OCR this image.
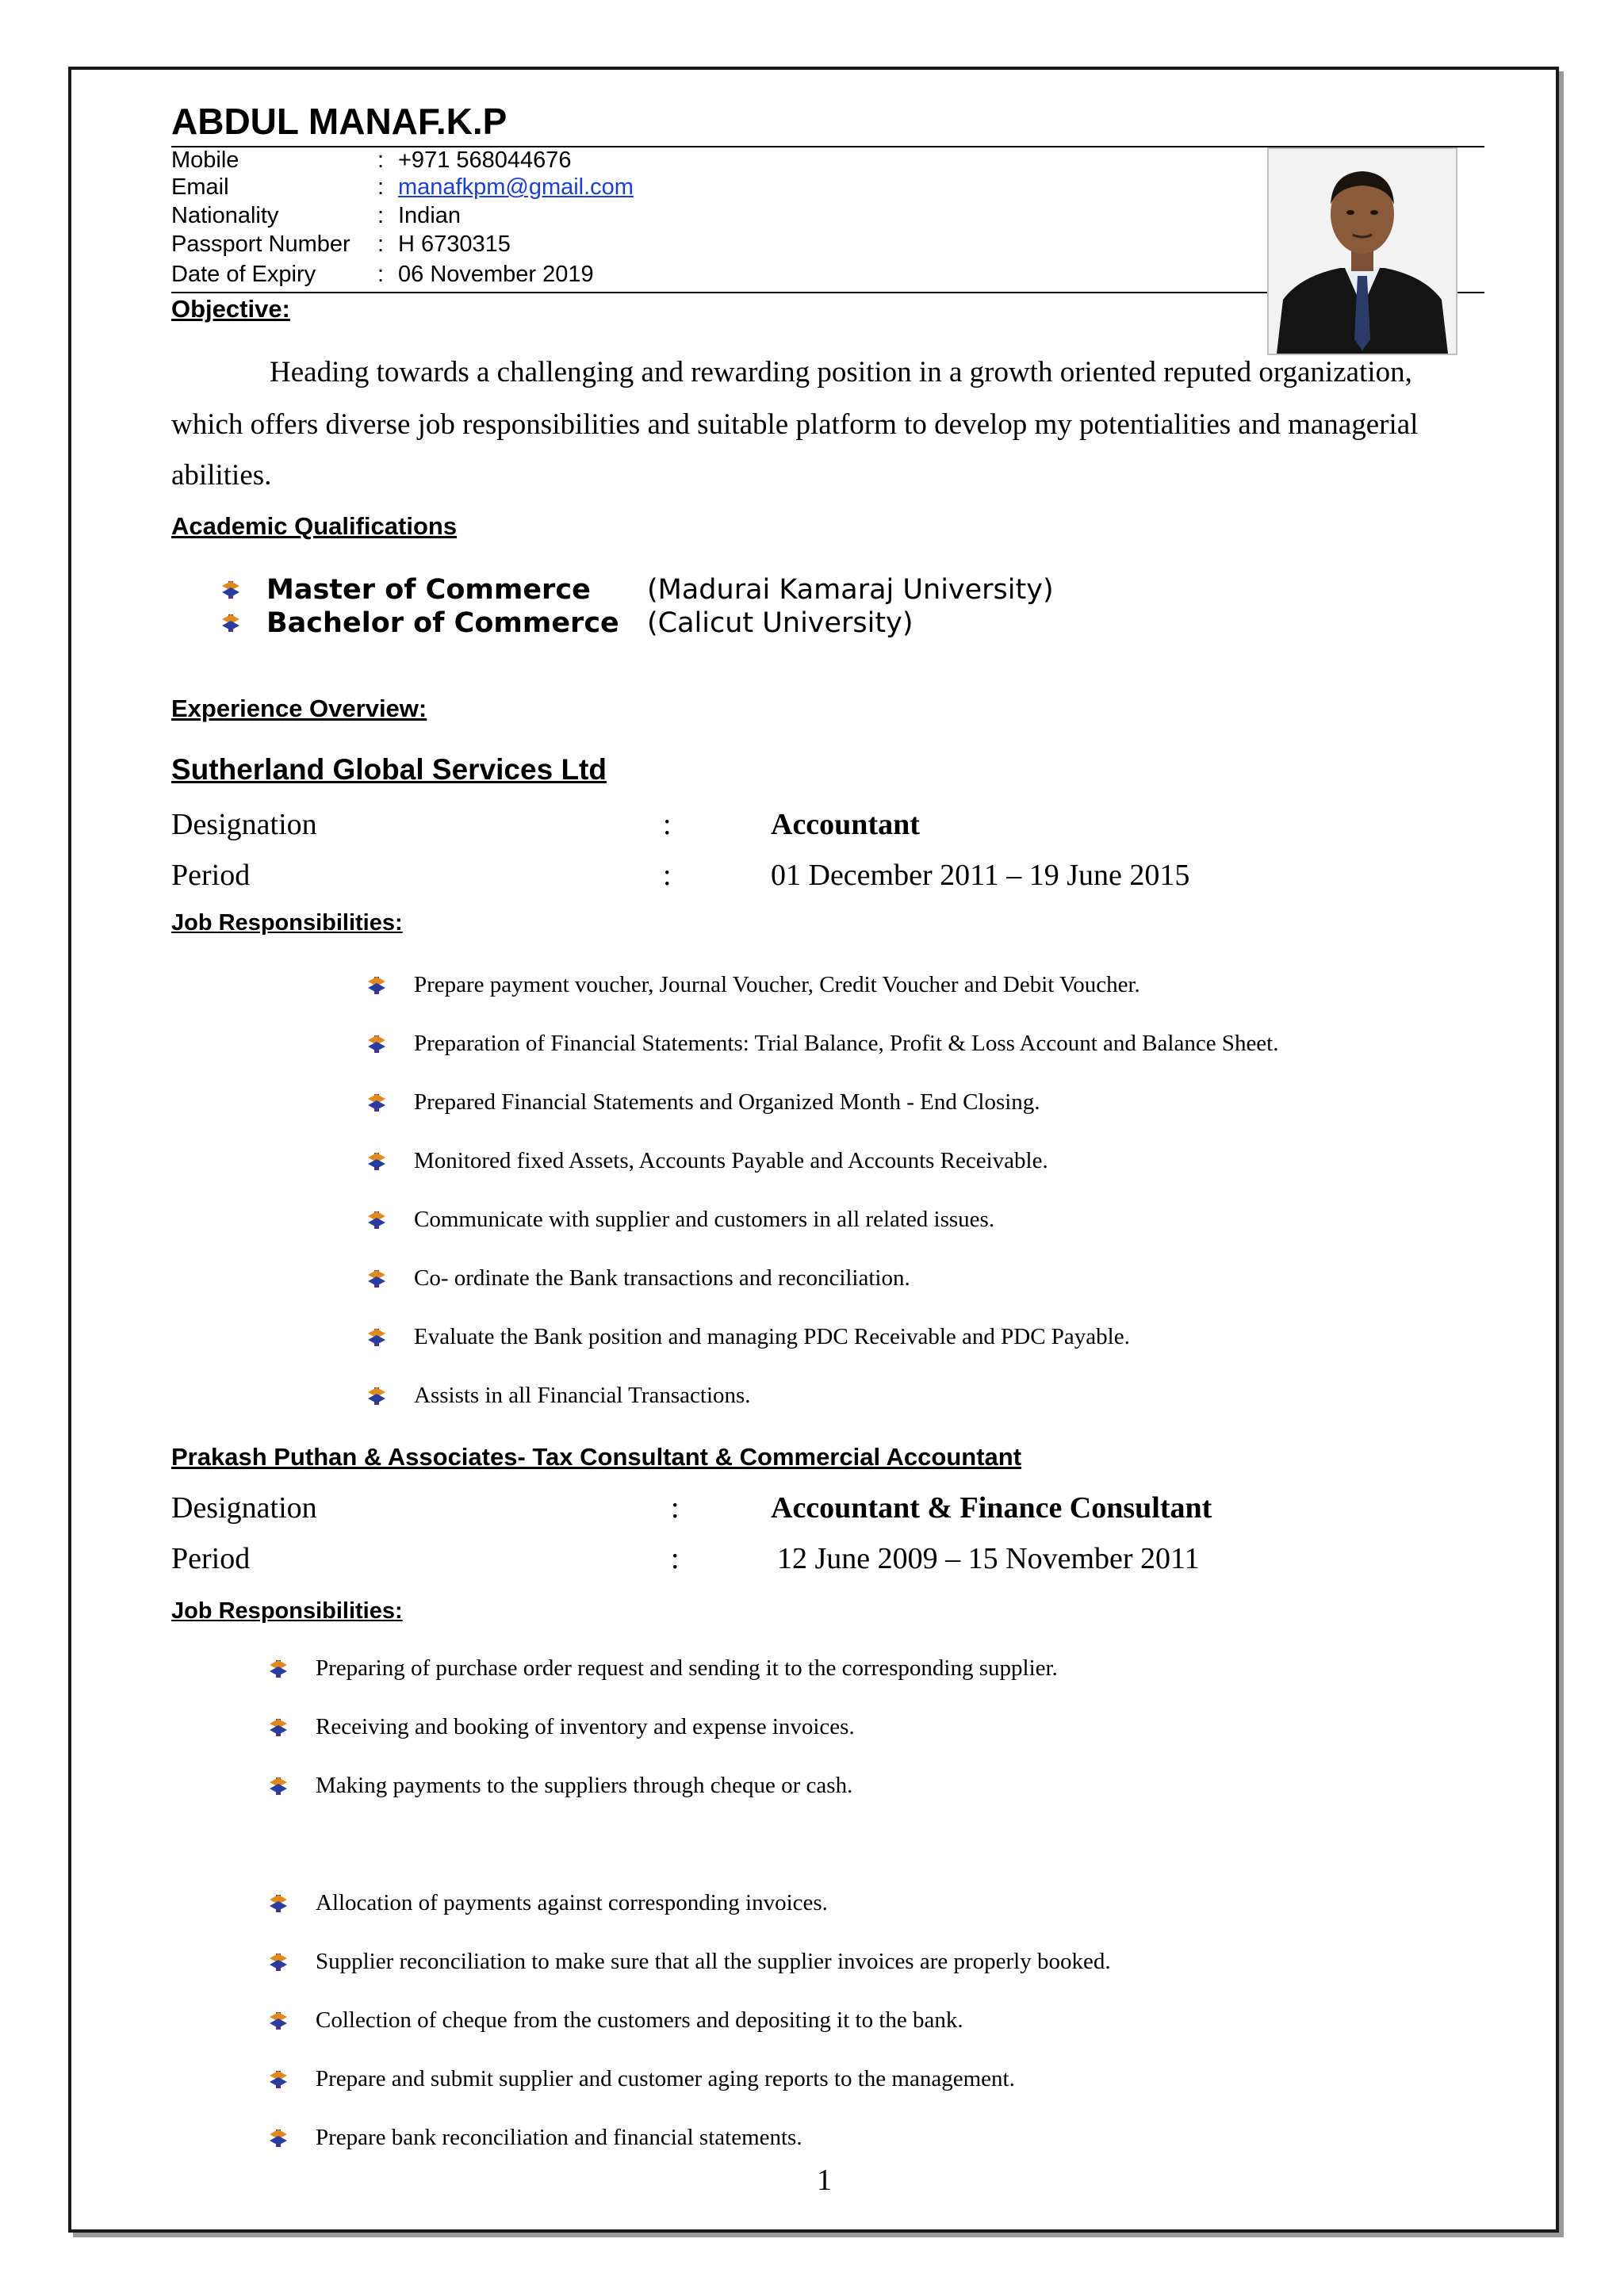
ABDUL MANAF.K.P
Mobile	: +971 568044676
Email	: manafkpm@gmail.com
Nationality	: Indian
Passport Number	: H 6730315
Date of Expiry	: 06 November 2019
Objective:
Heading towards a challenging and rewarding position in a growth oriented reputed organization,
which offers diverse job responsibilities and suitable platform to develop my potentialities and managerial
abilities.
Academic Qualifications
Master of Commerce	(Madurai Kamaraj University)
Bachelor of Commerce	(Calicut University)
Experience Overview:
Sutherland Global Services Ltd
Designation	:	Accountant
Period	:	01 December 2011 – 19 June 2015
Job Responsibilities:
Prepare payment voucher, Journal Voucher, Credit Voucher and Debit Voucher.
Preparation of Financial Statements: Trial Balance, Profit & Loss Account and Balance Sheet.
Prepared Financial Statements and Organized Month - End Closing.
Monitored fixed Assets, Accounts Payable and Accounts Receivable.
Communicate with supplier and customers in all related issues.
Co- ordinate the Bank transactions and reconciliation.
Evaluate the Bank position and managing PDC Receivable and PDC Payable.
Assists in all Financial Transactions.
Prakash Puthan & Associates- Tax Consultant & Commercial Accountant
Designation	:	Accountant & Finance Consultant
Period	:	12 June 2009 – 15 November 2011
Job Responsibilities:
Preparing of purchase order request and sending it to the corresponding supplier.
Receiving and booking of inventory and expense invoices.
Making payments to the suppliers through cheque or cash.
Allocation of payments against corresponding invoices.
Supplier reconciliation to make sure that all the supplier invoices are properly booked.
Collection of cheque from the customers and depositing it to the bank.
Prepare and submit supplier and customer aging reports to the management.
Prepare bank reconciliation and financial statements.
1
